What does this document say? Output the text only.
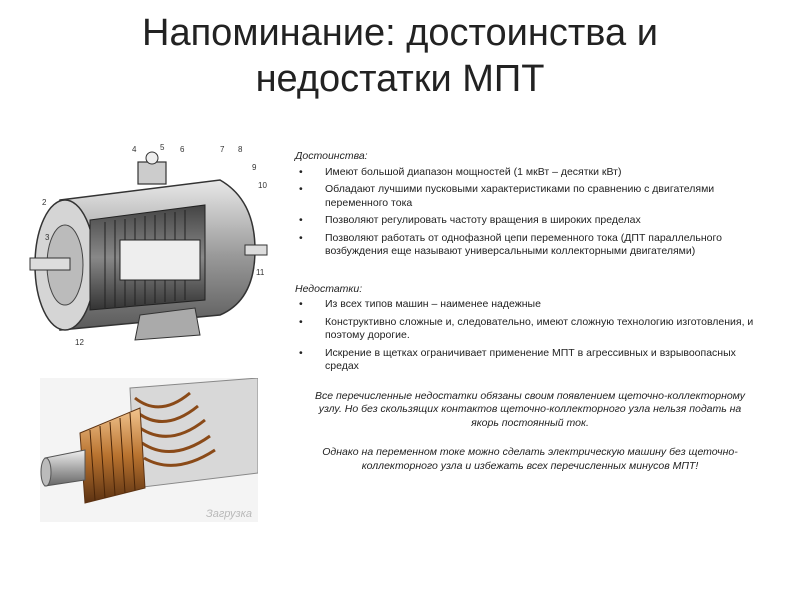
Напоминание: достоинства и
недостатки МПТ
2
3
4	5 6	7 8
9
10
11
12
Загрузка
Достоинства:
• Имеют большой диапазон мощностей (1 мкВт – десятки кВт)
• Обладают лучшими пусковыми характеристиками по сравнению с двигателями переменного тока
• Позволяют регулировать частоту вращения в широких пределах
• Позволяют работать от однофазной цепи переменного тока (ДПТ параллельного возбуждения еще называют универсальными коллекторными двигателями)
Недостатки:
• Из всех типов машин – наименее надежные
• Конструктивно сложные и, следовательно, имеют сложную технологию изготовления, и поэтому дорогие.
• Искрение в щетках ограничивает применение МПТ в агрессивных и взрывоопасных средах
Все перечисленные недостатки обязаны своим появлением щеточно-коллекторному узлу. Но без скользящих контактов щеточно-коллекторного узла нельзя подать на якорь постоянный ток.
Однако на переменном токе можно сделать электрическую машину без щеточно-коллекторного узла и избежать всех перечисленных минусов МПТ!
